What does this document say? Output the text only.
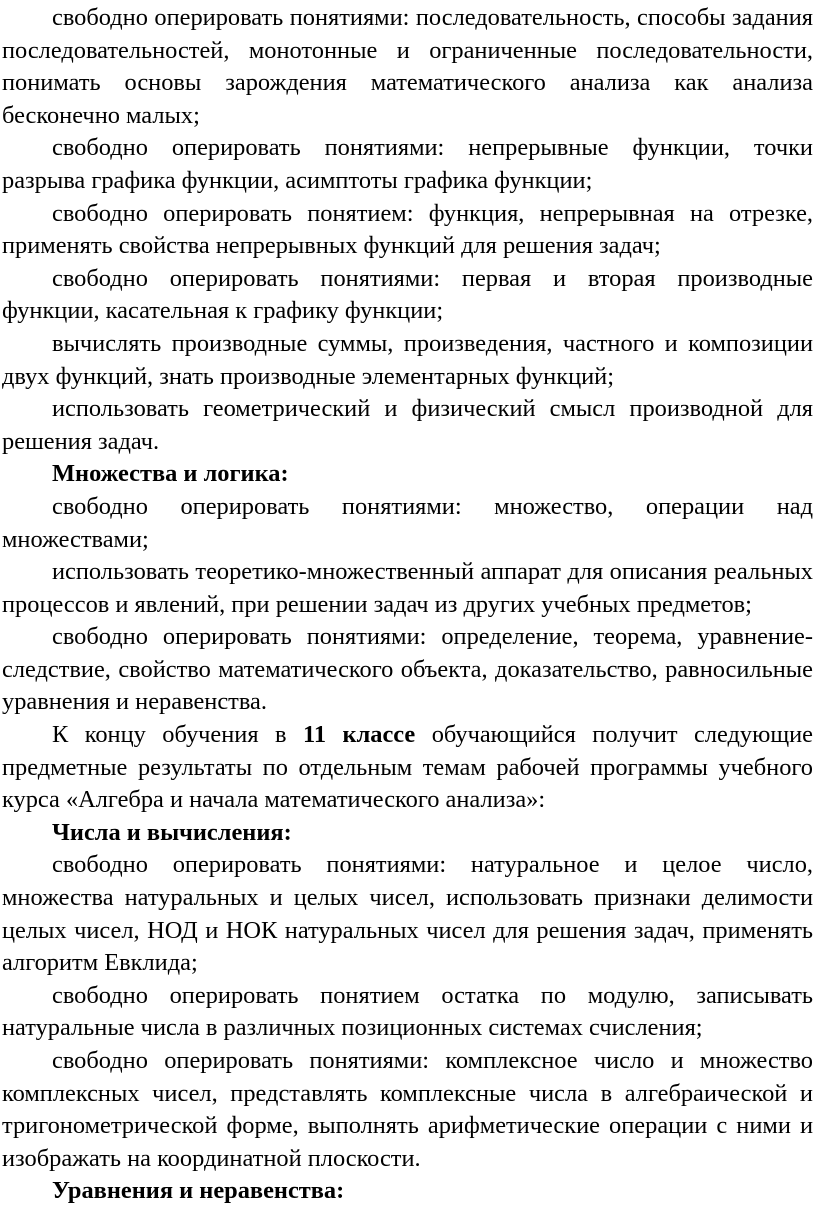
свободно оперировать понятиями: последовательность, способы задания последовательностей, монотонные и ограниченные последовательности, понимать основы зарождения математического анализа как анализа бесконечно малых;

свободно оперировать понятиями: непрерывные функции, точки разрыва графика функции, асимптоты графика функции;

свободно оперировать понятием: функция, непрерывная на отрезке, применять свойства непрерывных функций для решения задач;

свободно оперировать понятиями: первая и вторая производные функции, касательная к графику функции;

вычислять производные суммы, произведения, частного и композиции двух функций, знать производные элементарных функций;

использовать геометрический и физический смысл производной для решения задач.

Множества и логика:

свободно оперировать понятиями: множество, операции над множествами;

использовать теоретико-множественный аппарат для описания реальных процессов и явлений, при решении задач из других учебных предметов;

свободно оперировать понятиями: определение, теорема, уравнение-следствие, свойство математического объекта, доказательство, равносильные уравнения и неравенства.

К концу обучения в 11 классе обучающийся получит следующие предметные результаты по отдельным темам рабочей программы учебного курса «Алгебра и начала математического анализа»:

Числа и вычисления:

свободно оперировать понятиями: натуральное и целое число, множества натуральных и целых чисел, использовать признаки делимости целых чисел, НОД и НОК натуральных чисел для решения задач, применять алгоритм Евклида;

свободно оперировать понятием остатка по модулю, записывать натуральные числа в различных позиционных системах счисления;

свободно оперировать понятиями: комплексное число и множество комплексных чисел, представлять комплексные числа в алгебраической и тригонометрической форме, выполнять арифметические операции с ними и изображать на координатной плоскости.

Уравнения и неравенства:
